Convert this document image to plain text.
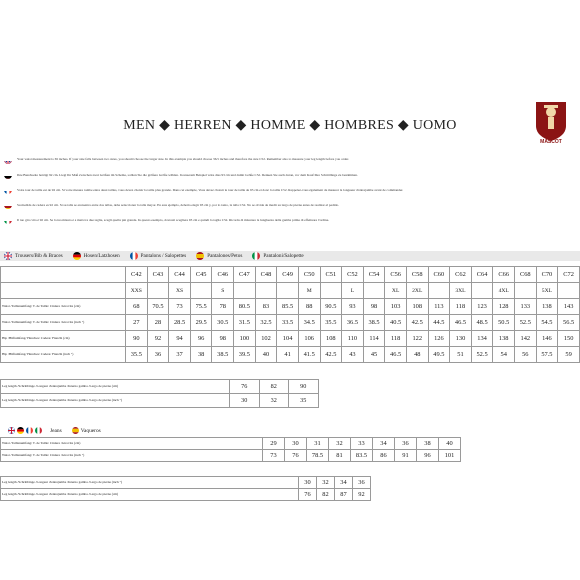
MEN ◆ HERREN ◆ HOMME ◆ HOMBRES ◆ UOMO
MASCOT
Your waist measurement is 36 inches. If your size falls between two sizes, you should choose the larger size. In this example you should choose 36.5 inches and therefore the size C52. Remember also to measure your leg length before you order.
Ihre Bundweite beträgt 92 cm. Liegt Ihr Maß zwischen zwei Größen im Schema, sollten Sie die größere Größe wählen. In unserem Beispiel wäre dies 93 cm und damit Größe C52. Denken Sie auch daran, vor dem Kauf Ihre Schrittlänge zu bestimmen.
Votre tour de taille est de 92 cm. Si votre mesure tombe entre deux tailles, vous devez choisir la taille plus grande. Dans cet exemple, Vous devez choisir le tour de taille de 93 cm et donc la taille C52. Rappelez-vous également de mesurer la longueur d'entrejambe avant de commander.
Su medida de cadera es 92 cm. Si su talla se encuentra entre dos tallas, debe seleccionar la talla mayor. En este ejemplo, debería elegir 93 cm y, por lo tanto, la talla C52. No se olvide de medir su largo de pierna antes de realizar el pedido.
Il tuo giro vita è 92 cm. Se la tua misura è a metà tra due taglie, scegli quella più grande. In questo esempio, dovresti scegliere 93 cm e quindi la taglia C52. Ricorda di misurare la lunghezza della gamba prima di effettuare l'ordine.
Trousers/Bib & Braces	Hosen/Latzhosen	Pantalons / Salopettes	Pantalones/Petos	Pantaloni/Salopette
	C42	C43	C44	C45	C46	C47	C48	C49	C50	C51	C52	C54	C56	C58	C60	C62	C64	C66	C68	C70	C72
	XXS		XS		S				M		L		XL	2XL		3XL		4XL		5XL	
Waist /Taillenumfang/ T. de Taille/ Cintura /Girovita (cm)	68	70.5	73	75.5	78	80.5	83	85.5	88	90.5	93	98	103	108	113	118	123	128	133	138	143
Waist /Taillenumfang/ T. de Taille/ Cintura /Girovita (inch ")	27	28	28.5	29.5	30.5	31.5	32.5	33.5	34.5	35.5	36.5	38.5	40.5	42.5	44.5	46.5	48.5	50.5	52.5	54.5	56.5
Hip /Hüftumfang/ Hanches/ Cadera/ Fianchi (cm)	90	92	94	96	98	100	102	104	106	108	110	114	118	122	126	130	134	138	142	146	150
Hip /Hüftumfang/ Hanches/ Cadera/ Fianchi (inch ")	35.5	36	37	38	38.5	39.5	40	41	41.5	42.5	43	45	46.5	48	49.5	51	52.5	54	56	57.5	59
Leg length /Schrittlänge /Longeur d'entrejambe /Interno gamba /Largo de pierna (cm)	76	82	90
Leg length /Schrittlänge /Longeur d'entrejambe /Interno gamba /Largo de pierna (inch ")	30	32	35
Jeans	Vaqueros
Waist /Taillenumfang/ T. de Taille/ Cintura /Girovita (cm)	29	30	31	32	33	34	36	38	40
Waist /Taillenumfang/ T. de Taille/ Cintura /Girovita (inch ")	73	76	78.5	81	83.5	86	91	96	101
Leg length /Schrittlänge /Longeur d'entrejambe /Interno gamba /Largo de pierna (inch ")	30	32	34	36
Leg length /Schrittlänge /Longeur d'entrejambe /Interno gamba /Largo de pierna (cm)	76	82	87	92
